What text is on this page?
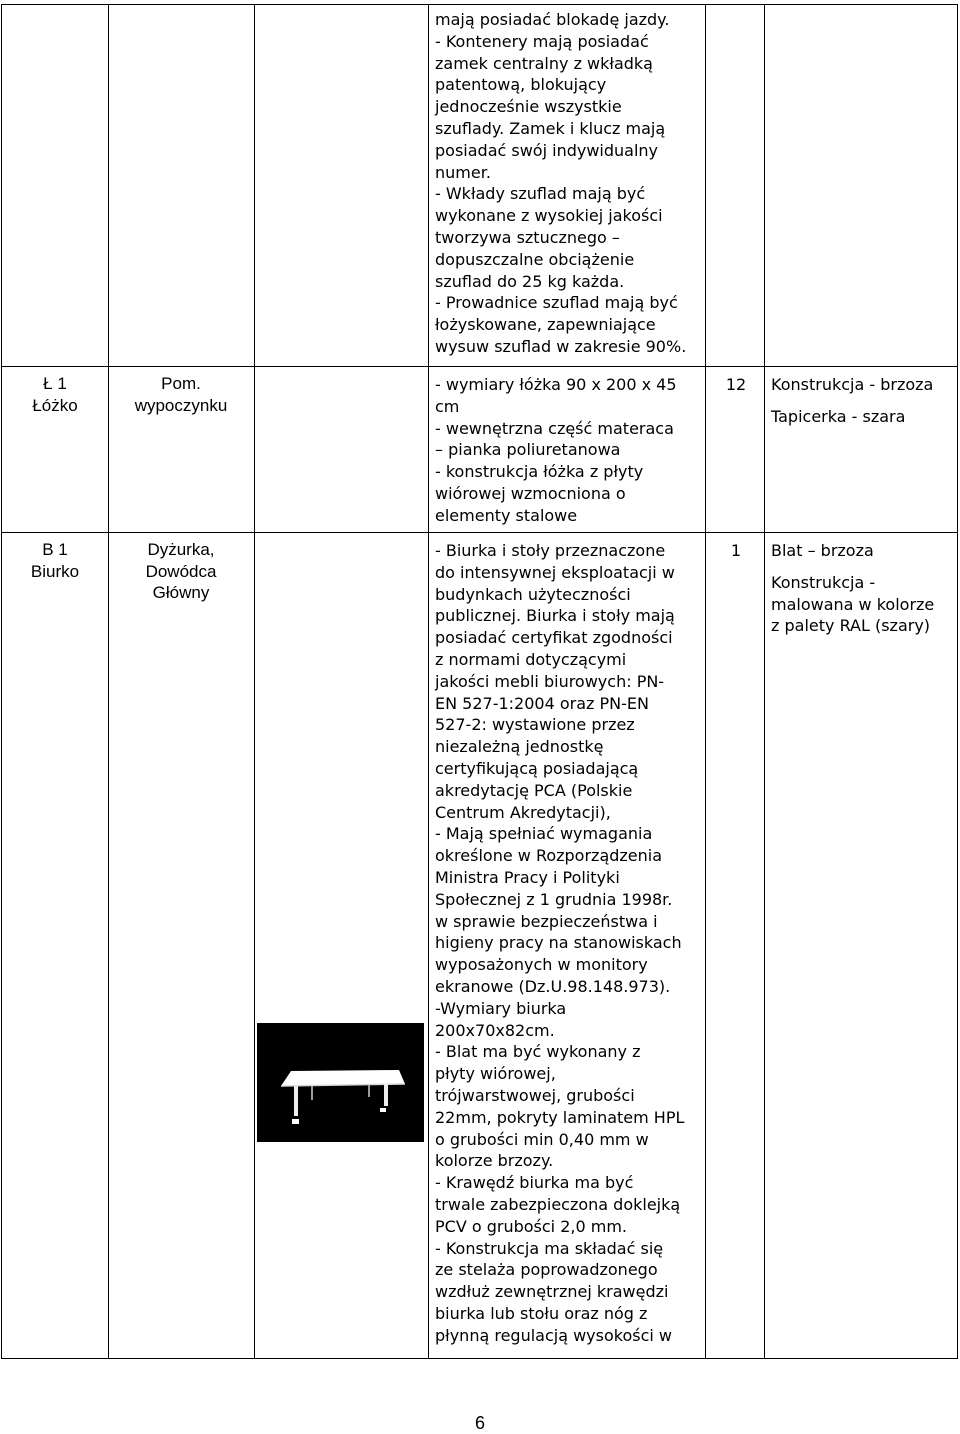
mają posiadać blokadę jazdy.
- Kontenery mają posiadać
zamek centralny z wkładką
patentową, blokujący
jednocześnie wszystkie
szuflady. Zamek i klucz mają
posiadać swój indywidualny
numer.
- Wkłady szuflad mają być
wykonane z wysokiej jakości
tworzywa sztucznego –
dopuszczalne obciążenie
szuflad do 25 kg każda.
- Prowadnice szuflad mają być
łożyskowane, zapewniające
wysuw szuflad w zakresie 90%.
Ł 1
Łóżko
Pom.
wypoczynku
- wymiary łóżka 90 x 200 x 45
cm
- wewnętrzna część materaca
– pianka poliuretanowa
- konstrukcja łóżka z płyty
wiórowej wzmocniona o
elementy stalowe
12	Konstrukcja - brzoza
Tapicerka - szara
B 1
Biurko
Dyżurka,
Dowódca
Główny
- Biurka i stoły przeznaczone
do intensywnej eksploatacji w
budynkach użyteczności
publicznej. Biurka i stoły mają
posiadać certyfikat zgodności
z normami dotyczącymi
jakości mebli biurowych: PN-
EN 527-1:2004 oraz PN-EN
527-2: wystawione przez
niezależną jednostkę
certyfikującą posiadającą
akredytację PCA (Polskie
Centrum Akredytacji),
- Mają spełniać wymagania
określone w Rozporządzenia
Ministra Pracy i Polityki
Społecznej z 1 grudnia 1998r.
w sprawie bezpieczeństwa i
higieny pracy na stanowiskach
wyposażonych w monitory
ekranowe (Dz.U.98.148.973).
-Wymiary biurka
200x70x82cm.
- Blat ma być wykonany z
płyty wiórowej,
trójwarstwowej, grubości
22mm, pokryty laminatem HPL
o grubości min 0,40 mm w
kolorze brzozy.
- Krawędź biurka ma być
trwale zabezpieczona doklejką
PCV o grubości 2,0 mm.
- Konstrukcja ma składać się
ze stelaża poprowadzonego
wzdłuż zewnętrznej krawędzi
biurka lub stołu oraz nóg z
płynną regulacją wysokości w
1	Blat – brzoza
Konstrukcja -
malowana w kolorze
z palety RAL (szary)
6
